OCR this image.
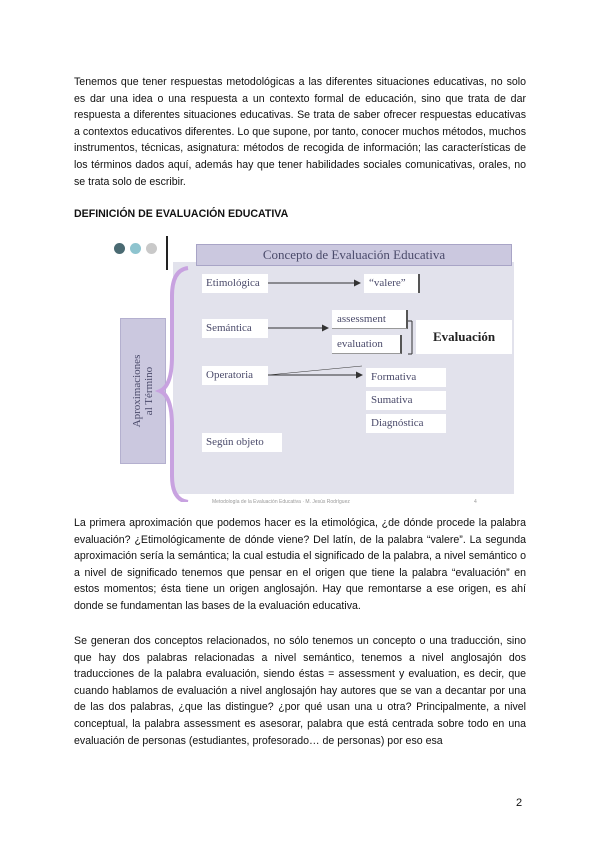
Tenemos que tener respuestas metodológicas a las diferentes situaciones educativas, no solo es dar una idea o una respuesta a un contexto formal de educación, sino que trata de dar respuesta a diferentes situaciones educativas. Se trata de saber ofrecer respuestas educativas a contextos educativos diferentes. Lo que supone, por tanto, conocer muchos métodos, muchos instrumentos, técnicas, asignatura: métodos de recogida de información; las características de los términos dados aquí, además hay que tener habilidades sociales comunicativas, orales, no se trata solo de escribir.

DEFINICIÓN DE EVALUACIÓN EDUCATIVA

Concepto de Evaluación Educativa
Aproximaciones al Término
Etimológica
Semántica
Operatoria
Según objeto
“valere”
assessment
evaluation	Evaluación
Formativa
Sumativa
Diagnóstica
Metodología de la Evaluación Educativa · M. Jesús Rodríguez	4

La primera aproximación que podemos hacer es la etimológica, ¿de dónde procede la palabra evaluación? ¿Etimológicamente de dónde viene? Del latín, de la palabra “valere”. La segunda aproximación sería la semántica; la cual estudia el significado de la palabra, a nivel semántico o a nivel de significado tenemos que pensar en el origen que tiene la palabra “evaluación” en estos momentos; ésta tiene un origen anglosajón. Hay que remontarse a ese origen, es ahí donde se fundamentan las bases de la evaluación educativa.

Se generan dos conceptos relacionados, no sólo tenemos un concepto o una traducción, sino que hay dos palabras relacionadas a nivel semántico, tenemos a nivel anglosajón dos traducciones de la palabra evaluación, siendo éstas = assessment y evaluation, es decir, que cuando hablamos de evaluación a nivel anglosajón hay autores que se van a decantar por una de las dos palabras, ¿que las distingue? ¿por qué usan una u otra? Principalmente, a nivel conceptual, la palabra assessment es asesorar, palabra que está centrada sobre todo en una evaluación de personas (estudiantes, profesorado… de personas) por eso esa

2
